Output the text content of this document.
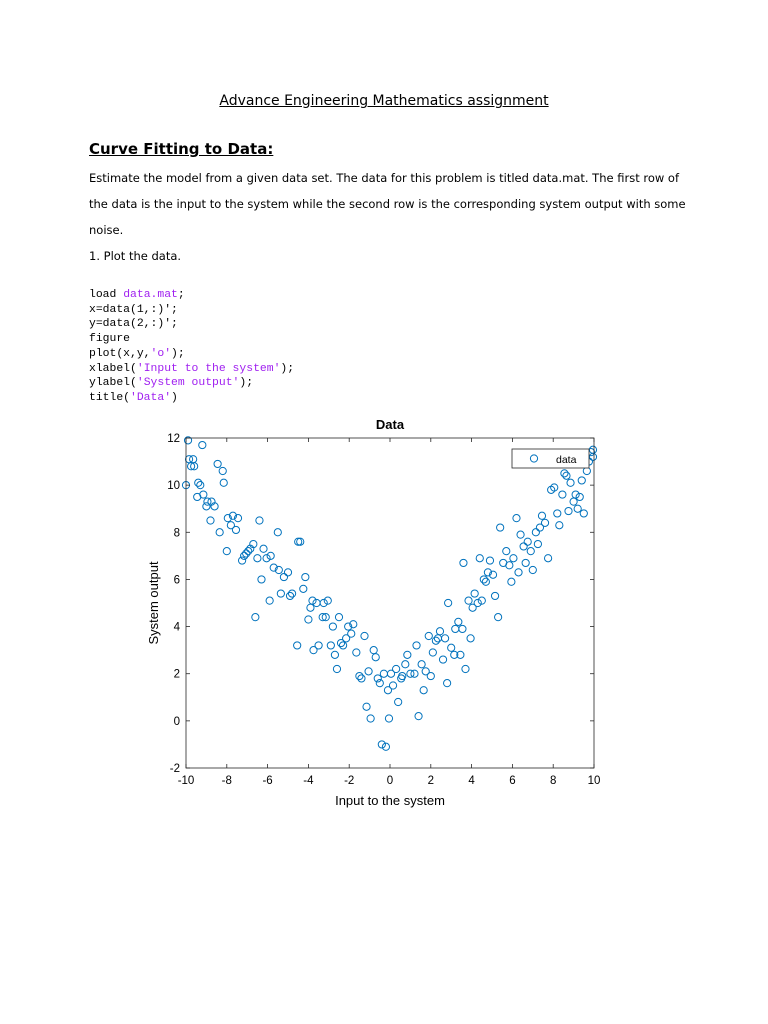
Advance Engineering Mathematics assignment
Curve Fitting to Data:
Estimate the model from a given data set. The data for this problem is titled data.mat. The first row of
the data is the input to the system while the second row is the corresponding system output with some
noise.
1. Plot the data.
load data.mat;
x=data(1,:)';
y=data(2,:)';
figure
plot(x,y,'o');
xlabel('Input to the system');
ylabel('System output');
title('Data')
-10 -8	-6	-4	-2	0	2	4	6	8	10
-2
0
2
4
6
8
10
12
Data
Input to the system
System output
data
